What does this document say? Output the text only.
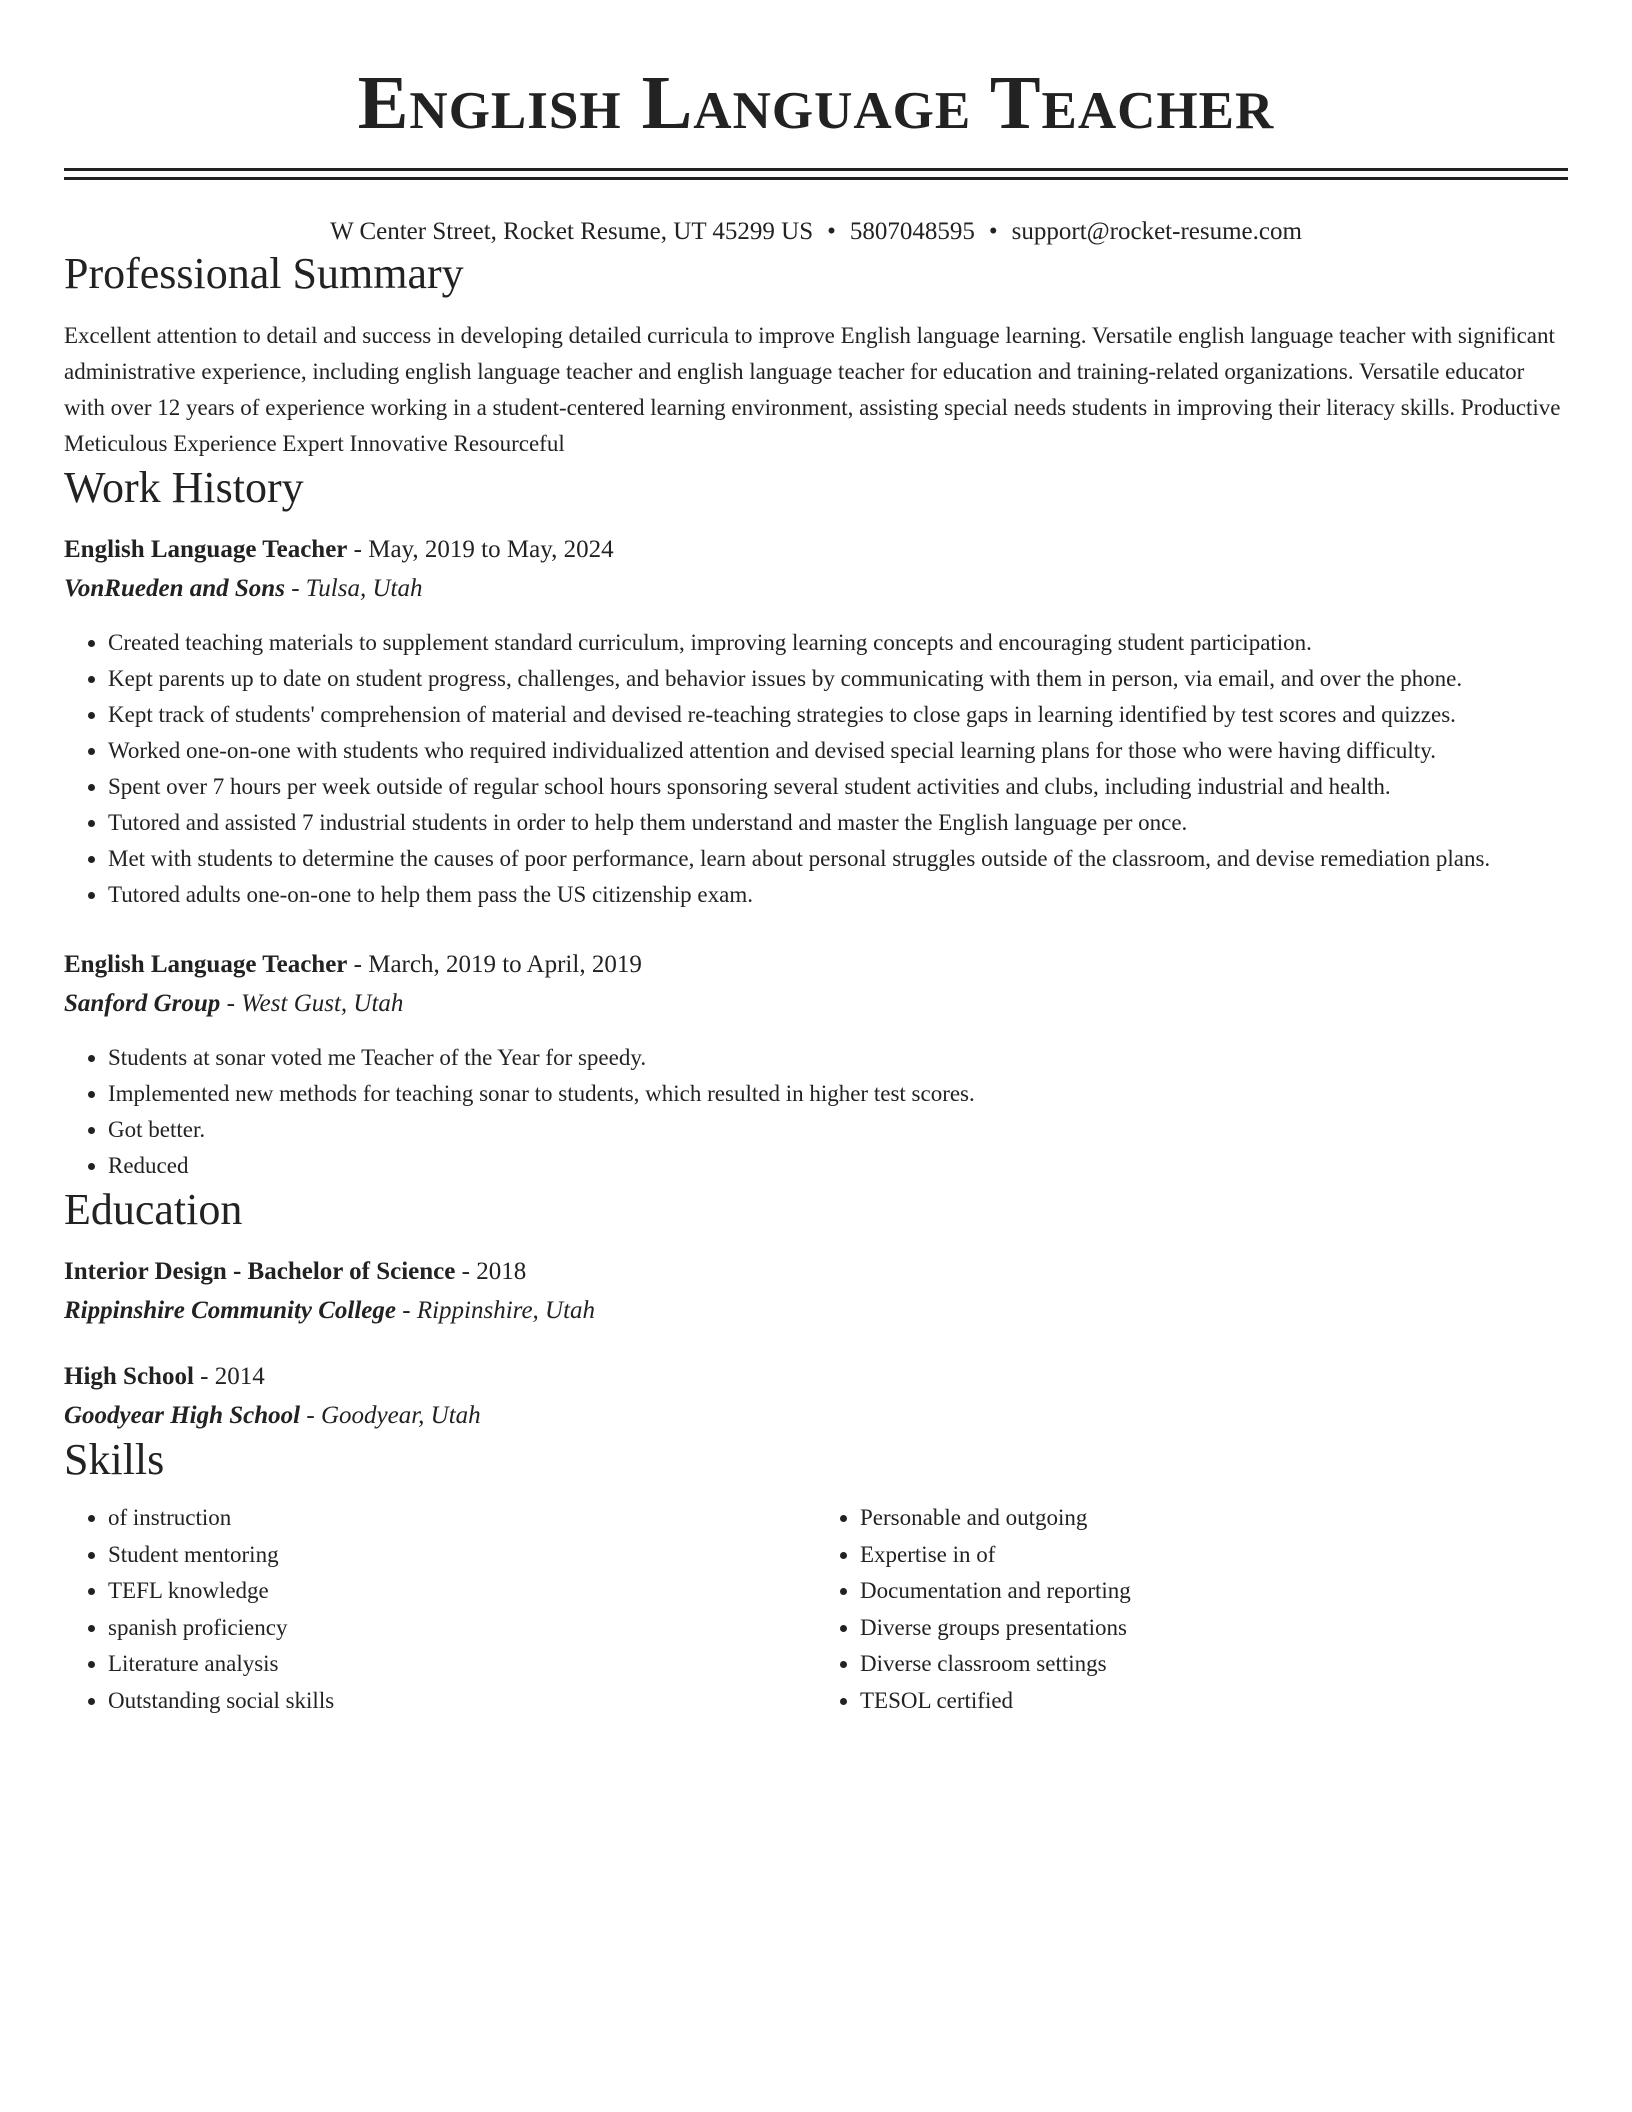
English Language Teacher
W Center Street, Rocket Resume, UT 45299 US • 5807048595 • support@rocket-resume.com
Professional Summary

Excellent attention to detail and success in developing detailed curricula to improve English language learning. Versatile english language teacher with significant administrative experience, including english language teacher and english language teacher for education and training-related organizations. Versatile educator with over 12 years of experience working in a student-centered learning environment, assisting special needs students in improving their literacy skills. Productive Meticulous Experience Expert Innovative Resourceful

Work History
English Language Teacher - May, 2019 to May, 2024
VonRueden and Sons - Tulsa, Utah
• Created teaching materials to supplement standard curriculum, improving learning concepts and encouraging student participation.
• Kept parents up to date on student progress, challenges, and behavior issues by communicating with them in person, via email, and over the phone.
• Kept track of students' comprehension of material and devised re-teaching strategies to close gaps in learning identified by test scores and quizzes.
• Worked one-on-one with students who required individualized attention and devised special learning plans for those who were having difficulty.
• Spent over 7 hours per week outside of regular school hours sponsoring several student activities and clubs, including industrial and health.
• Tutored and assisted 7 industrial students in order to help them understand and master the English language per once.
• Met with students to determine the causes of poor performance, learn about personal struggles outside of the classroom, and devise remediation plans.
• Tutored adults one-on-one to help them pass the US citizenship exam.
English Language Teacher - March, 2019 to April, 2019
Sanford Group - West Gust, Utah
• Students at sonar voted me Teacher of the Year for speedy.
• Implemented new methods for teaching sonar to students, which resulted in higher test scores.
• Got better.
• Reduced
Education
Interior Design - Bachelor of Science - 2018
Rippinshire Community College - Rippinshire, Utah
High School - 2014
Goodyear High School - Goodyear, Utah
Skills
• of instruction
• Student mentoring
• TEFL knowledge
• spanish proficiency
• Literature analysis
• Outstanding social skills
• Personable and outgoing
• Expertise in of
• Documentation and reporting
• Diverse groups presentations
• Diverse classroom settings
• TESOL certified
